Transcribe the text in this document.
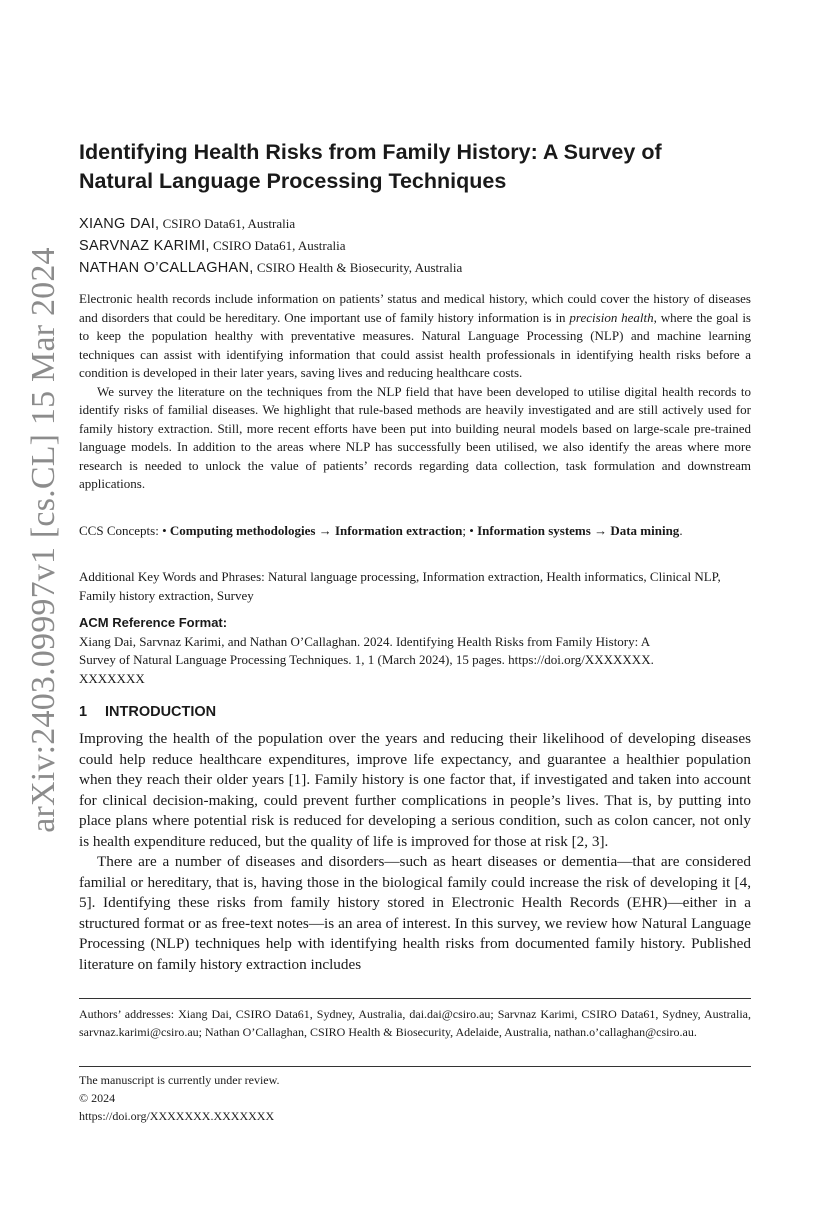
arXiv:2403.09997v1 [cs.CL] 15 Mar 2024
Identifying Health Risks from Family History: A Survey of
Natural Language Processing Techniques
XIANG DAI, CSIRO Data61, Australia
SARVNAZ KARIMI, CSIRO Data61, Australia
NATHAN O’CALLAGHAN, CSIRO Health & Biosecurity, Australia

Electronic health records include information on patients’ status and medical history, which could cover the history of diseases and disorders that could be hereditary. One important use of family history information is in precision health, where the goal is to keep the population healthy with preventative measures. Natural Language Processing (NLP) and machine learning techniques can assist with identifying information that could assist health professionals in identifying health risks before a condition is developed in their later years, saving lives and reducing healthcare costs.

We survey the literature on the techniques from the NLP field that have been developed to utilise digital health records to identify risks of familial diseases. We highlight that rule-based methods are heavily investigated and are still actively used for family history extraction. Still, more recent efforts have been put into building neural models based on large-scale pre-trained language models. In addition to the areas where NLP has successfully been utilised, we also identify the areas where more research is needed to unlock the value of patients’ records regarding data collection, task formulation and downstream applications.

CCS Concepts: • Computing methodologies → Information extraction; • Information systems → Data mining.
Additional Key Words and Phrases: Natural language processing, Information extraction, Health informatics, Clinical NLP, Family history extraction, Survey
ACM Reference Format:
Xiang Dai, Sarvnaz Karimi, and Nathan O’Callaghan. 2024. Identifying Health Risks from Family History: A
Survey of Natural Language Processing Techniques. 1, 1 (March 2024), 15 pages. https://doi.org/XXXXXXX.
XXXXXXX
1 INTRODUCTION

Improving the health of the population over the years and reducing their likelihood of developing diseases could help reduce healthcare expenditures, improve life expectancy, and guarantee a healthier population when they reach their older years [1]. Family history is one factor that, if investigated and taken into account for clinical decision-making, could prevent further complications in people’s lives. That is, by putting into place plans where potential risk is reduced for developing a serious condition, such as colon cancer, not only is health expenditure reduced, but the quality of life is improved for those at risk [2, 3].

There are a number of diseases and disorders—such as heart diseases or dementia—that are considered familial or hereditary, that is, having those in the biological family could increase the risk of developing it [4, 5]. Identifying these risks from family history stored in Electronic Health Records (EHR)—either in a structured format or as free-text notes—is an area of interest. In this survey, we review how Natural Language Processing (NLP) techniques help with identifying health risks from documented family history. Published literature on family history extraction includes

Authors’ addresses: Xiang Dai, CSIRO Data61, Sydney, Australia, dai.dai@csiro.au; Sarvnaz Karimi, CSIRO Data61, Sydney, Australia, sarvnaz.karimi@csiro.au; Nathan O’Callaghan, CSIRO Health & Biosecurity, Adelaide, Australia, nathan.o’callaghan@csiro.au.
The manuscript is currently under review.
© 2024
https://doi.org/XXXXXXX.XXXXXXX
